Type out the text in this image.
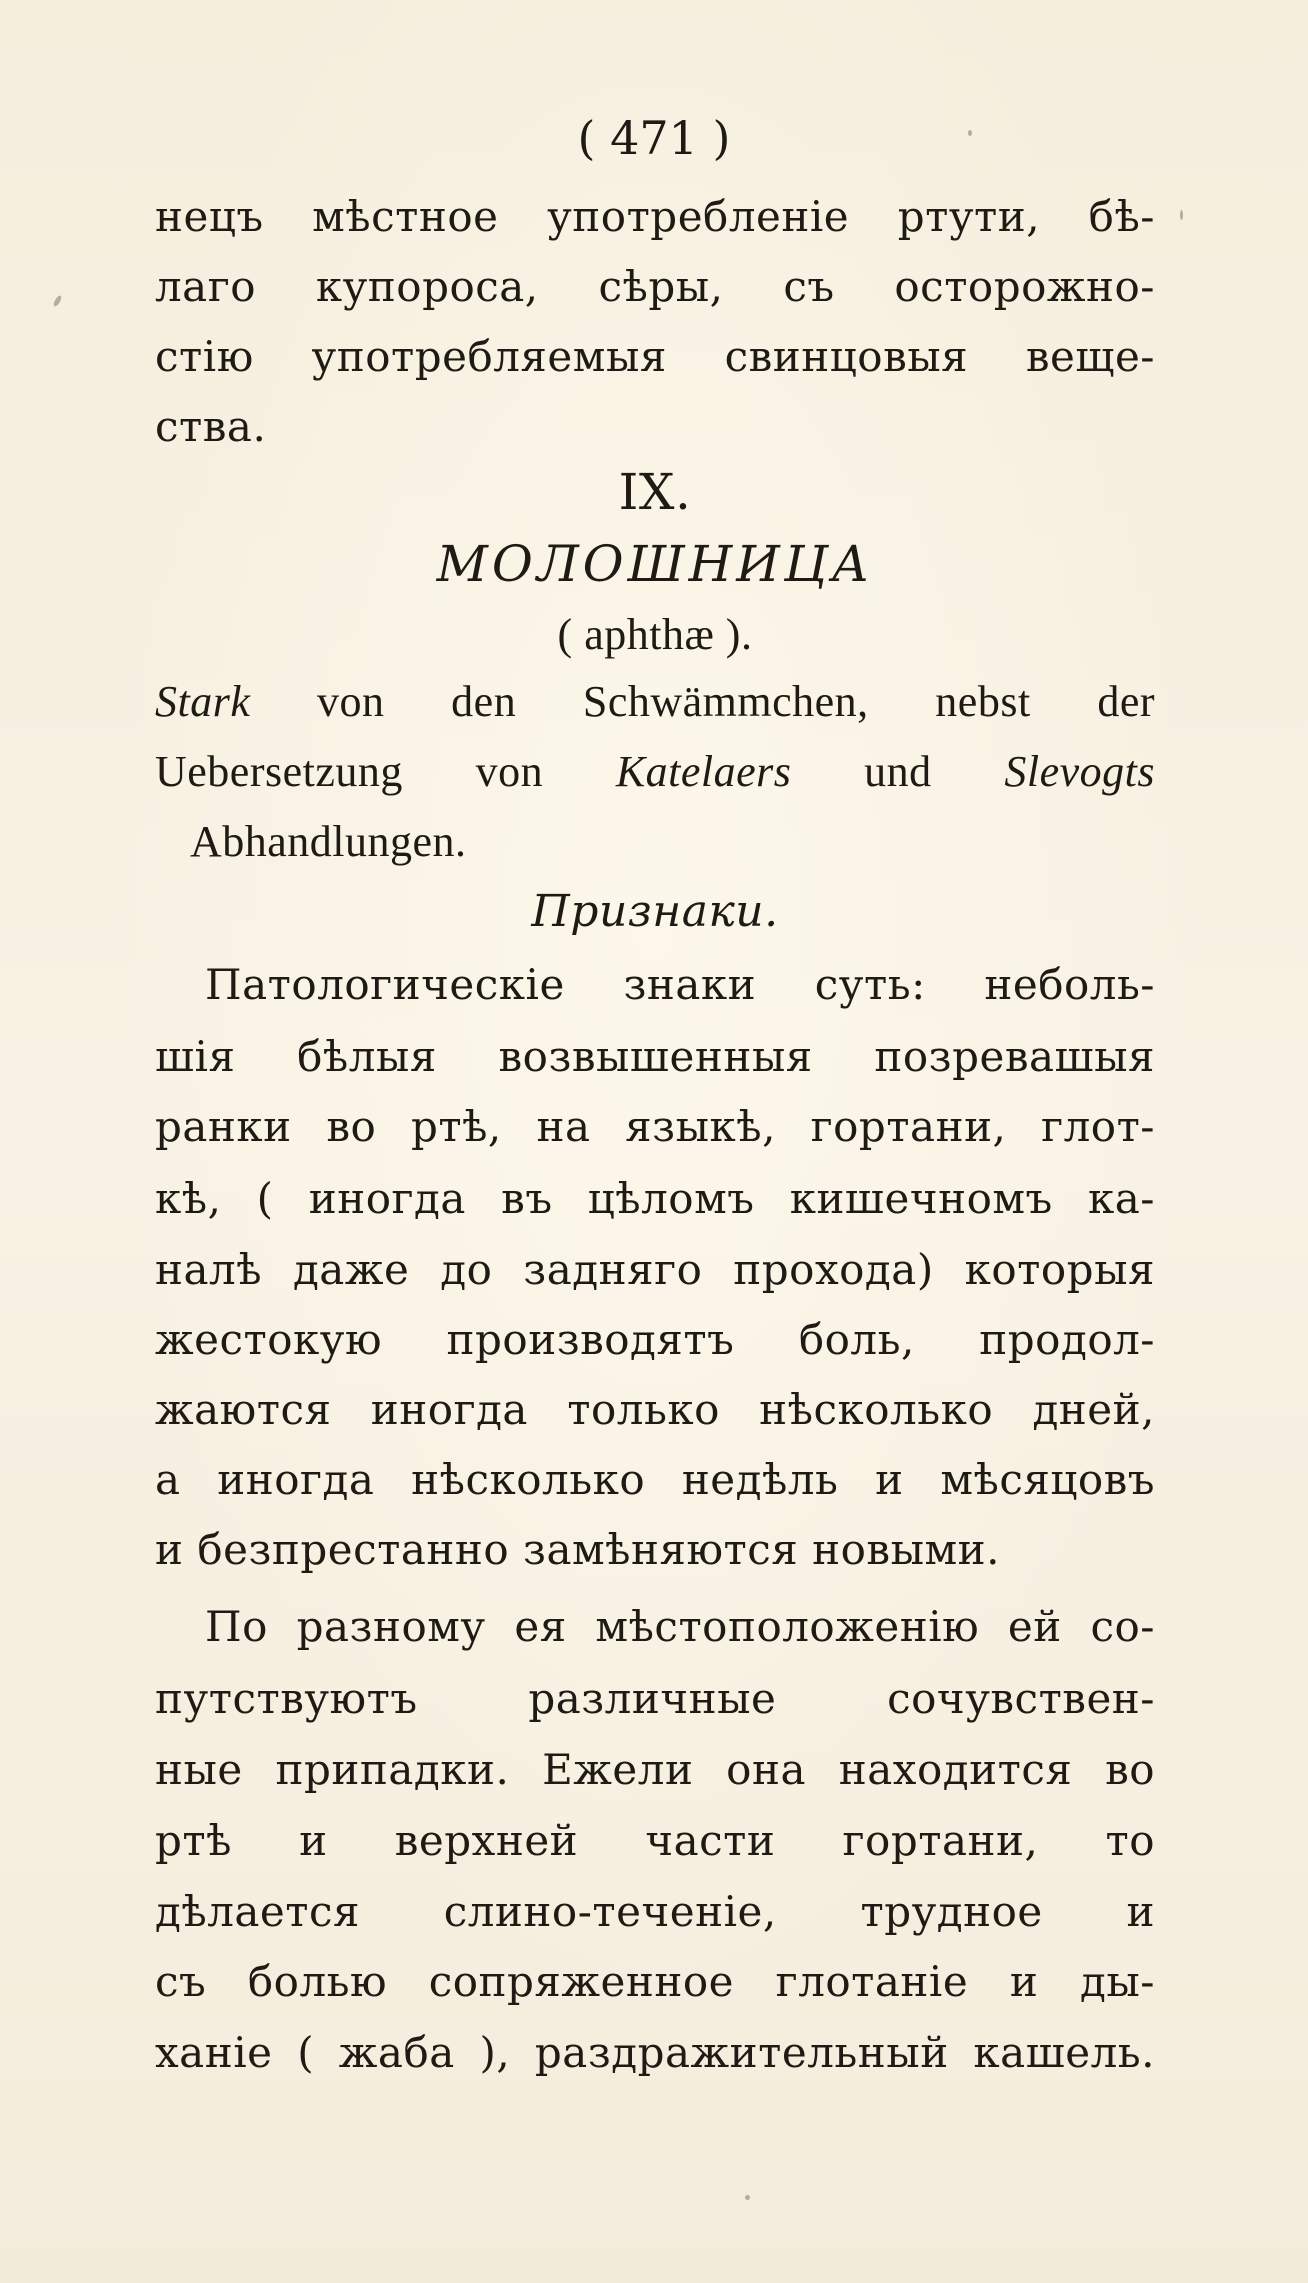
( 471 )
нецъ мѣстное употребленіе ртути, бѣ-
лаго купороса, сѣры, съ осторожно-
стію употребляемыя свинцовыя веще-
ства.
IX.
МОЛОШНИЦА
( aphthæ ).
Stark von den Schwämmchen, nebst der
Uebersetzung von Katelaers und Slevogts
Abhandlungen.
Признаки.
Патологическіе знаки суть: неболь-
шія бѣлыя возвышенныя позревашыя
ранки во ртѣ, на языкѣ, гортани, глот-
кѣ, ( иногда въ цѣломъ кишечномъ ка-
налѣ даже до задняго прохода) которыя
жестокую производятъ боль, продол-
жаются иногда только нѣсколько дней,
а иногда нѣсколько недѣль и мѣсяцовъ
и безпрестанно замѣняются новыми.
По разному ея мѣстоположенію ей со-
путствуютъ различные сочувствен-
ные припадки. Ежели она находится во
ртѣ и верхней части гортани, то
дѣлается слино-теченіе, трудное и
съ болью сопряженное глотаніе и ды-
ханіе ( жаба ), раздражительный кашель.
